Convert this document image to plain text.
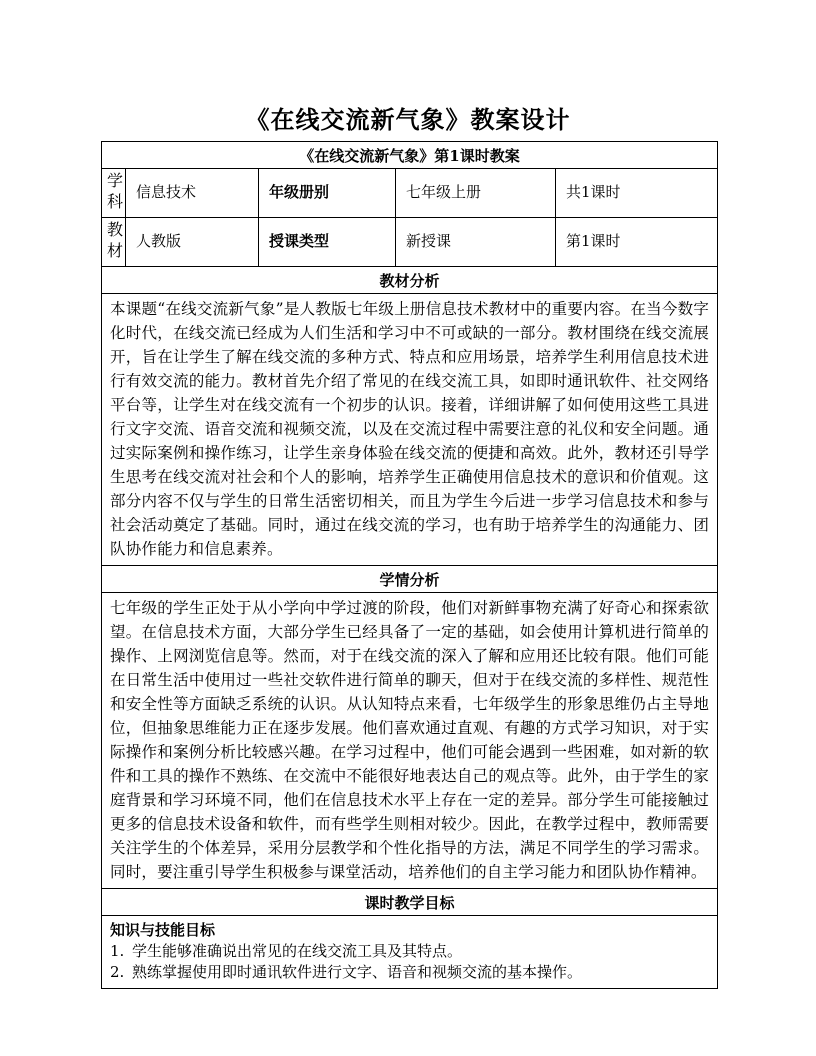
《在线交流新气象》教案设计
《在线交流新气象》第1课时教案				

学科	信息技术	年级册别	七年级上册	共1课时

教材	人教版	授课类型	新授课	第1课时
教材分析				

本课题“在线交流新气象”是人教版七年级上册信息技术教材中的重要内容。在当今数字化时代，在线交流已经成为人们生活和学习中不可或缺的一部分。教材围绕在线交流展开，旨在让学生了解在线交流的多种方式、特点和应用场景，培养学生利用信息技术进行有效交流的能力。教材首先介绍了常见的在线交流工具，如即时通讯软件、社交网络平台等，让学生对在线交流有一个初步的认识。接着，详细讲解了如何使用这些工具进行文字交流、语音交流和视频交流，以及在交流过程中需要注意的礼仪和安全问题。通过实际案例和操作练习，让学生亲身体验在线交流的便捷和高效。此外，教材还引导学生思考在线交流对社会和个人的影响，培养学生正确使用信息技术的意识和价值观。这部分内容不仅与学生的日常生活密切相关，而且为学生今后进一步学习信息技术和参与社会活动奠定了基础。同时，通过在线交流的学习，也有助于培养学生的沟通能力、团队协作能力和信息素养。				

学情分析				

七年级的学生正处于从小学向中学过渡的阶段，他们对新鲜事物充满了好奇心和探索欲望。在信息技术方面，大部分学生已经具备了一定的基础，如会使用计算机进行简单的操作、上网浏览信息等。然而，对于在线交流的深入了解和应用还比较有限。他们可能在日常生活中使用过一些社交软件进行简单的聊天，但对于在线交流的多样性、规范性和安全性等方面缺乏系统的认识。从认知特点来看，七年级学生的形象思维仍占主导地位，但抽象思维能力正在逐步发展。他们喜欢通过直观、有趣的方式学习知识，对于实际操作和案例分析比较感兴趣。在学习过程中，他们可能会遇到一些困难，如对新的软件和工具的操作不熟练、在交流中不能很好地表达自己的观点等。此外，由于学生的家庭背景和学习环境不同，他们在信息技术水平上存在一定的差异。部分学生可能接触过更多的信息技术设备和软件，而有些学生则相对较少。因此，在教学过程中，教师需要关注学生的个体差异，采用分层教学和个性化指导的方法，满足不同学生的学习需求。同时，要注重引导学生积极参与课堂活动，培养他们的自主学习能力和团队协作精神。				

课时教学目标				

知识与技能目标
1. 学生能够准确说出常见的在线交流工具及其特点。
2. 熟练掌握使用即时通讯软件进行文字、语音和视频交流的基本操作。				
